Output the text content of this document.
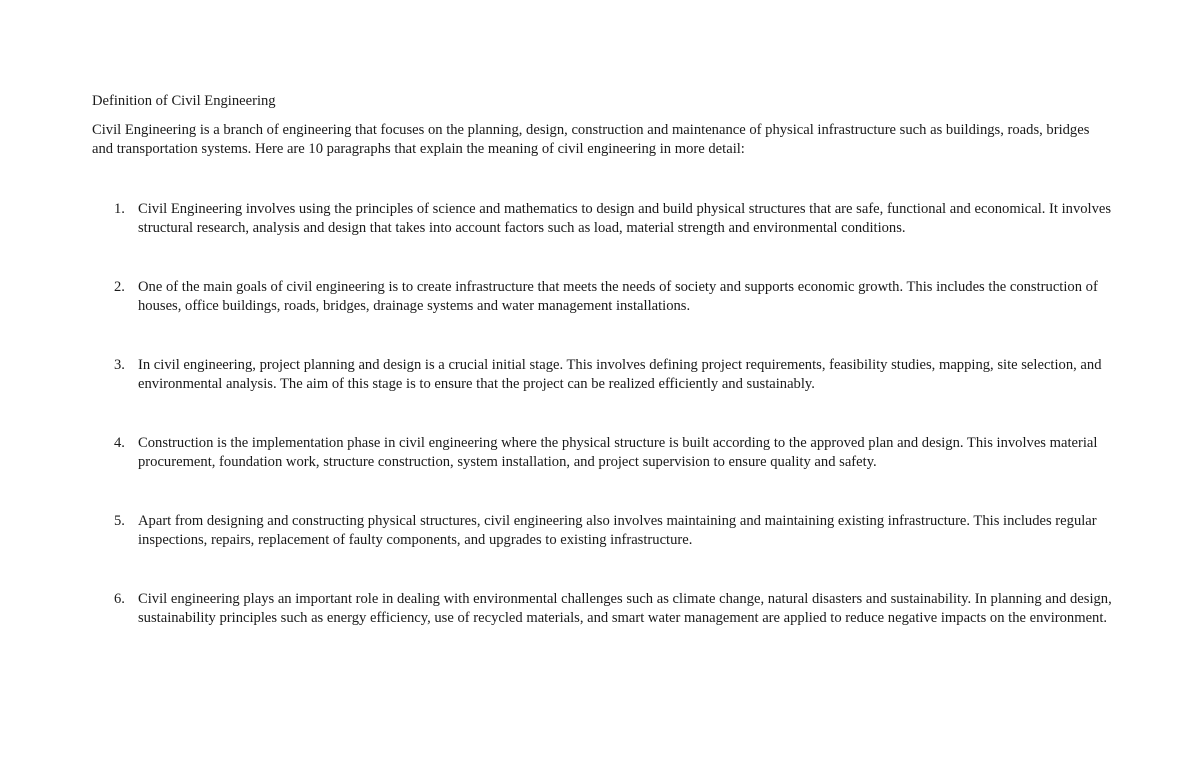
Definition of Civil Engineering

Civil Engineering is a branch of engineering that focuses on the planning, design, construction and maintenance of physical infrastructure such as buildings, roads, bridges and transportation systems. Here are 10 paragraphs that explain the meaning of civil engineering in more detail:

1. Civil Engineering involves using the principles of science and mathematics to design and build physical structures that are safe, functional and economical. It involves structural research, analysis and design that takes into account factors such as load, material strength and environmental conditions.
2. One of the main goals of civil engineering is to create infrastructure that meets the needs of society and supports economic growth. This includes the construction of houses, office buildings, roads, bridges, drainage systems and water management installations.
3. In civil engineering, project planning and design is a crucial initial stage. This involves defining project requirements, feasibility studies, mapping, site selection, and environmental analysis. The aim of this stage is to ensure that the project can be realized efficiently and sustainably.
4. Construction is the implementation phase in civil engineering where the physical structure is built according to the approved plan and design. This involves material procurement, foundation work, structure construction, system installation, and project supervision to ensure quality and safety.
5. Apart from designing and constructing physical structures, civil engineering also involves maintaining and maintaining existing infrastructure. This includes regular inspections, repairs, replacement of faulty components, and upgrades to existing infrastructure.
6. Civil engineering plays an important role in dealing with environmental challenges such as climate change, natural disasters and sustainability. In planning and design, sustainability principles such as energy efficiency, use of recycled materials, and smart water management are applied to reduce negative impacts on the environment.
